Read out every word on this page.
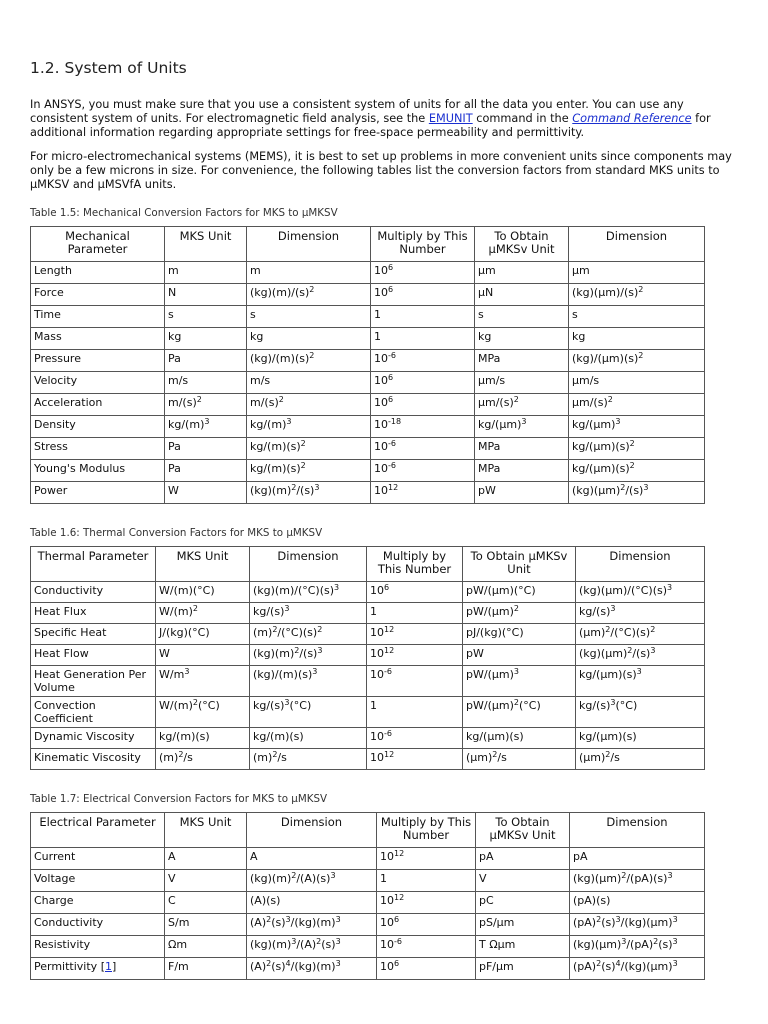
1.2. System of Units

In ANSYS, you must make sure that you use a consistent system of units for all the data you enter. You can use any consistent system of units. For electromagnetic field analysis, see the EMUNIT command in the Command Reference for additional information regarding appropriate settings for free-space permeability and permittivity.

For micro-electromechanical systems (MEMS), it is best to set up problems in more convenient units since components may only be a few microns in size. For convenience, the following tables list the conversion factors from standard MKS units to μMKSV and μMSVfA units.

Table 1.5: Mechanical Conversion Factors for MKS to μMKSV
Mechanical Parameter	MKS Unit	Dimension	Multiply by This Number	To Obtain μMKSv Unit	Dimension
Length	m	m	$10^6$	μm	μm
Force	N	$(kg)(m)/(s)^2$	$10^6$	μN	$(kg)(\mu m)/(s)^2$
Time	s	s	1	s	s
Mass	kg	kg	1	kg	kg
Pressure	Pa	$(kg)/(m)(s)^2$	$10^{-6}$	MPa	$(kg)/(\mu m)(s)^2$
Velocity	m/s	m/s	$10^6$	μm/s	μm/s
Acceleration	$m/(s)^2$	$m/(s)^2$	$10^6$	$\mu m/(s)^2$	$\mu m/(s)^2$
Density	$kg/(m)^3$	$kg/(m)^3$	$10^{-18}$	$kg/(\mu m)^3$	$kg/(\mu m)^3$
Stress	Pa	$kg/(m)(s)^2$	$10^{-6}$	MPa	$kg/(\mu m)(s)^2$
Young's Modulus	Pa	$kg/(m)(s)^2$	$10^{-6}$	MPa	$kg/(\mu m)(s)^2$
Power	W	$(kg)(m)^2/(s)^3$	$10^{12}$	pW	$(kg)(\mu m)^2/(s)^3$
Table 1.6: Thermal Conversion Factors for MKS to μMKSV
Thermal Parameter	MKS Unit	Dimension	Multiply by This Number	To Obtain μMKSv Unit	Dimension
Conductivity	W/(m)(°C)	$(kg)(m)/(^\circ C)(s)^3$	$10^6$	pW/(μm)(°C)	$(kg)(\mu m)/(^\circ C)(s)^3$
Heat Flux	$W/(m)^2$	$kg/(s)^3$	1	$pW/(\mu m)^2$	$kg/(s)^3$
Specific Heat	J/(kg)(°C)	$(m)^2/(^\circ C)(s)^2$	$10^{12}$	pJ/(kg)(°C)	$(\mu m)^2/(^\circ C)(s)^2$
Heat Flow	W	$(kg)(m)^2/(s)^3$	$10^{12}$	pW	$(kg)(\mu m)^2/(s)^3$
Heat Generation Per Volume	$W/m^3$	$(kg)/(m)(s)^3$	$10^{-6}$	$pW/(\mu m)^3$	$kg/(\mu m)(s)^3$
Convection Coefficient	$W/(m)^2(^\circ C)$	$kg/(s)^3(^\circ C)$	1	$pW/(\mu m)^2(^\circ C)$	$kg/(s)^3(^\circ C)$
Dynamic Viscosity	kg/(m)(s)	kg/(m)(s)	$10^{-6}$	kg/(μm)(s)	kg/(μm)(s)
Kinematic Viscosity	$(m)^2/s$	$(m)^2/s$	$10^{12}$	$(\mu m)^2/s$	$(\mu m)^2/s$
Table 1.7: Electrical Conversion Factors for MKS to μMKSV
Electrical Parameter	MKS Unit	Dimension	Multiply by This Number	To Obtain μMKSv Unit	Dimension
Current	A	A	$10^{12}$	pA	pA
Voltage	V	$(kg)(m)^2/(A)(s)^3$	1	V	$(kg)(\mu m)^2/(pA)(s)^3$
Charge	C	(A)(s)	$10^{12}$	pC	(pA)(s)
Conductivity	S/m	$(A)^2(s)^3/(kg)(m)^3$	$10^6$	pS/μm	$(pA)^2(s)^3/(kg)(\mu m)^3$
Resistivity	Ωm	$(kg)(m)^3/(A)^2(s)^3$	$10^{-6}$	T Ωμm	$(kg)(\mu m)^3/(pA)^2(s)^3$
Permittivity [1]	F/m	$(A)^2(s)^4/(kg)(m)^3$	$10^6$	pF/μm	$(pA)^2(s)^4/(kg)(\mu m)^3$
